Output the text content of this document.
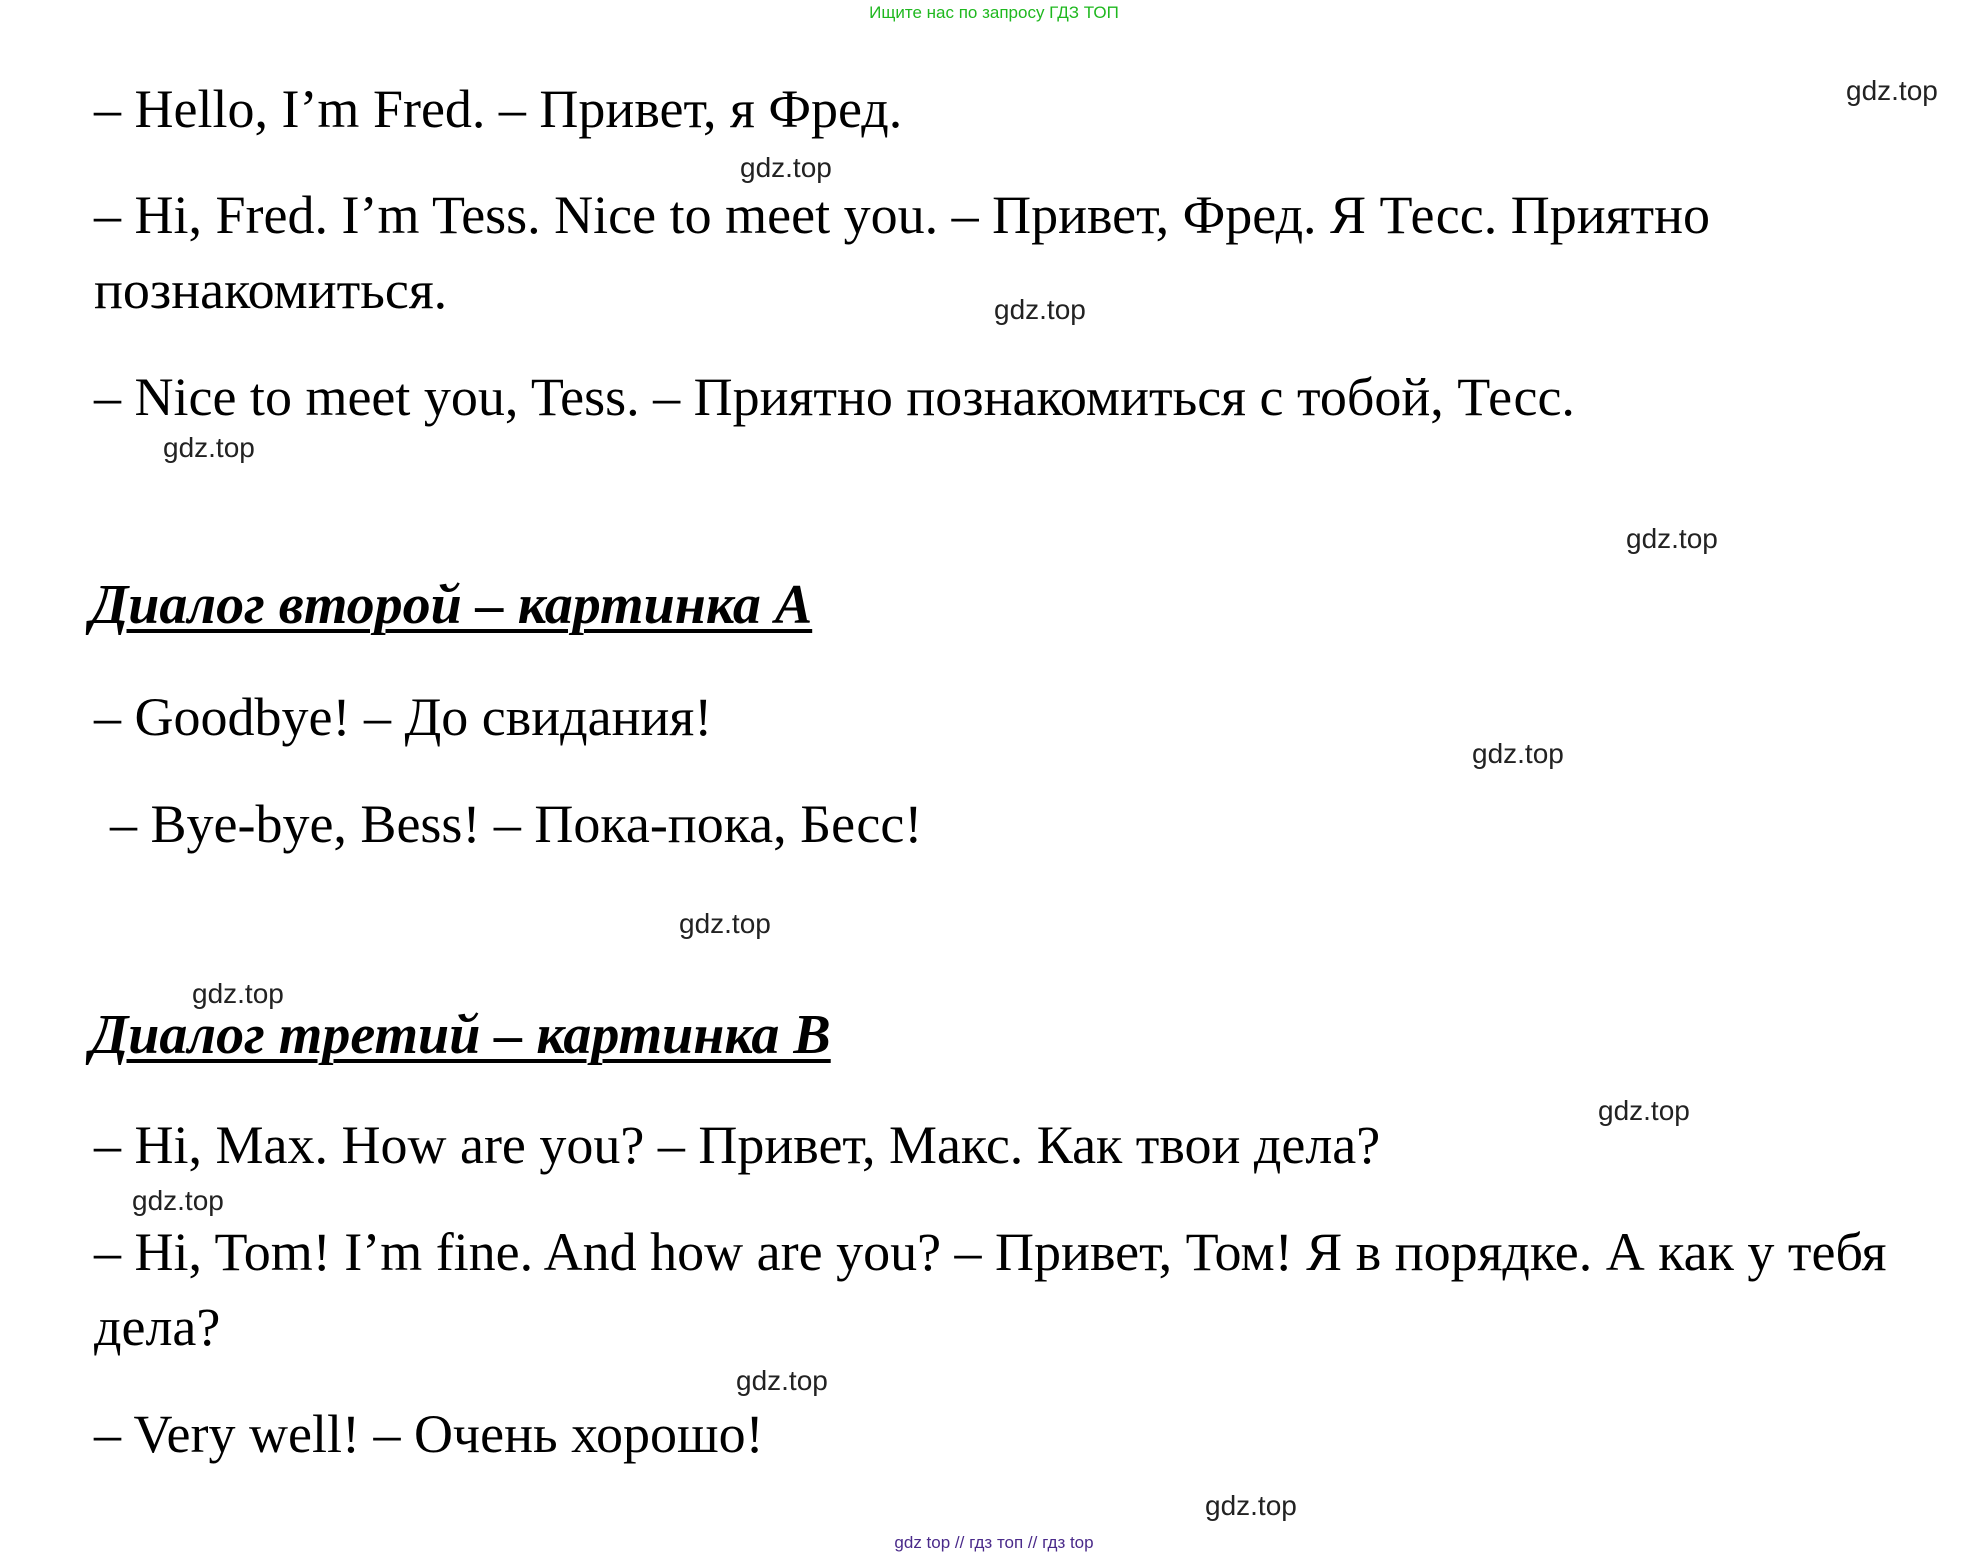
Ищите нас по запросу ГДЗ ТОП
– Hello, I’m Fred. – Привет, я Фред.
– Hi, Fred. I’m Tess. Nice to meet you. – Привет, Фред. Я Тесс. Приятно познакомиться.
– Nice to meet you, Tess. – Приятно познакомиться с тобой, Тесс.
Диалог второй – картинка А
– Goodbye! – До свидания!
– Bye-bye, Bess! – Пока-пока, Бесс!
Диалог третий – картинка В
– Hi, Max. How are you? – Привет, Макс. Как твои дела?
– Hi, Tom! I’m fine. And how are you? – Привет, Том! Я в порядке. А как у тебя дела?
– Very well! – Очень хорошо!
gdz.top
gdz.top
gdz.top
gdz.top
gdz.top
gdz.top
gdz.top
gdz.top
gdz.top
gdz.top
gdz.top
gdz.top
gdz top // гдз топ // гдз top
